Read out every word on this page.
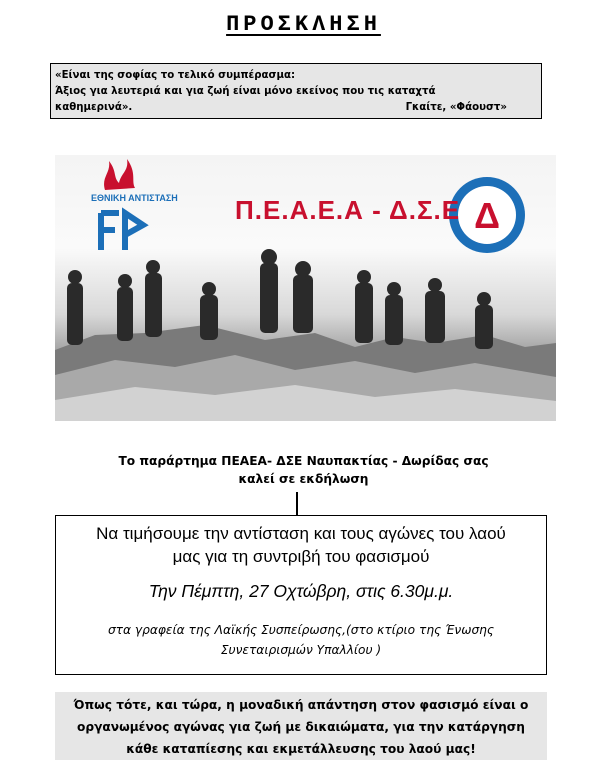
ΠΡΟΣΚΛΗΣΗ
«Είναι της σοφίας το τελικό συμπέρασμα:
Άξιος για λευτεριά και για ζωή είναι μόνο εκείνος που τις καταχτά
καθημερινά».	Γκαίτε, «Φάουστ»
ΕΘΝΙΚΗ ΑΝΤΙΣΤΑΣΗ	Δ
Π.Ε.Α.Ε.Α - Δ.Σ.Ε
Το παράρτημα ΠΕΑΕΑ- ΔΣΕ Ναυπακτίας - Δωρίδας σας
καλεί σε εκδήλωση
Να τιμήσουμε την αντίσταση και τους αγώνες του λαού
μας για τη συντριβή του φασισμού
Την Πέμπτη, 27 Οχτώβρη, στις 6.30μ.μ.
στα γραφεία της Λαϊκής Συσπείρωσης,(στο κτίριο της Ένωσης
Συνεταιρισμών Υπαλλίου )
Όπως τότε, και τώρα, η μοναδική απάντηση στον φασισμό είναι ο
οργανωμένος αγώνας για ζωή με δικαιώματα, για την κατάργηση
κάθε καταπίεσης και εκμετάλλευσης του λαού μας!
